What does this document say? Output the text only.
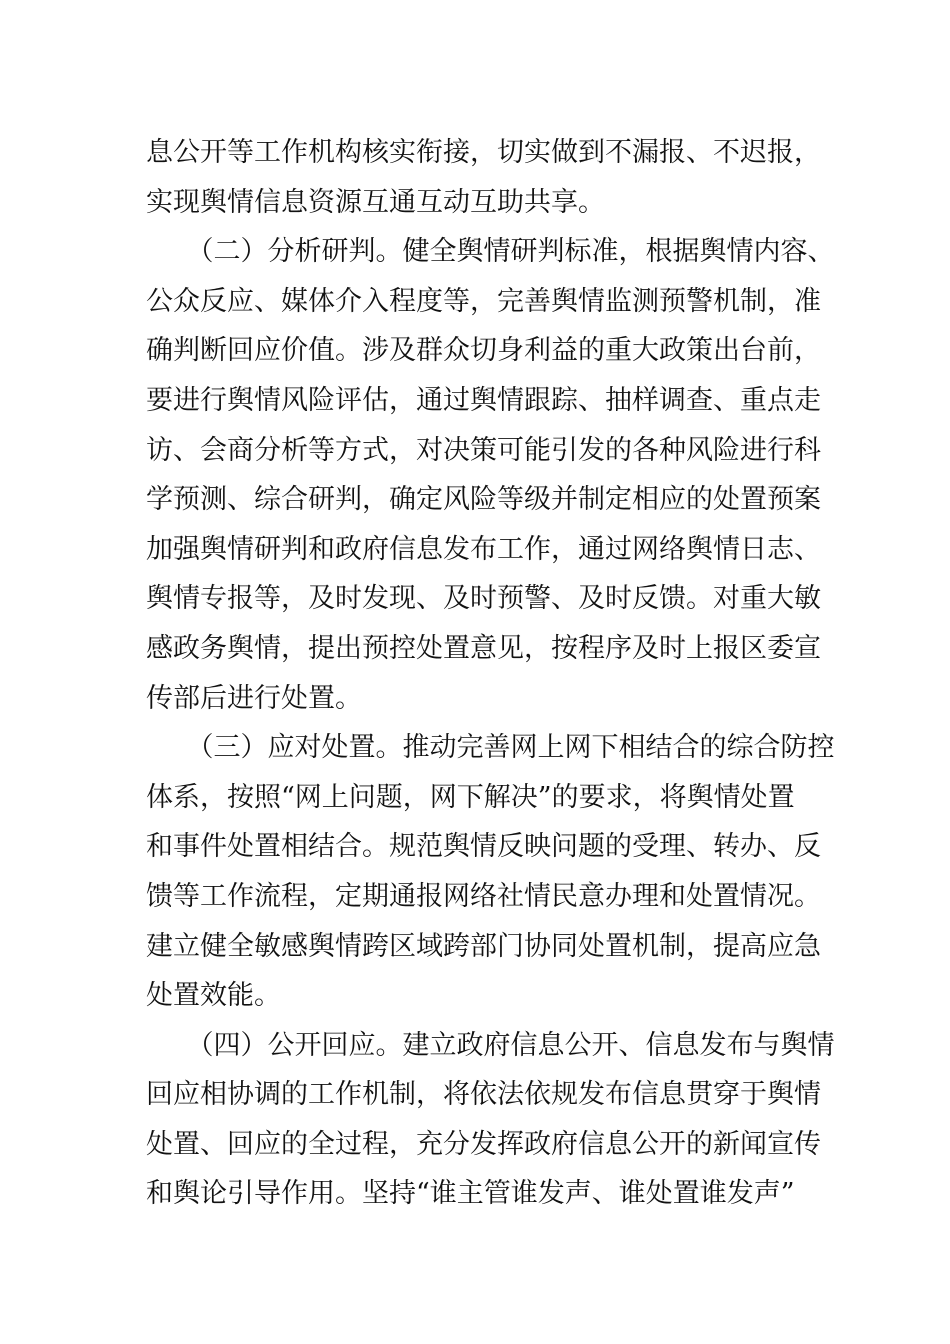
息公开等工作机构核实衔接，切实做到不漏报、不迟报，
实现舆情信息资源互通互动互助共享。
　　（二）分析研判。健全舆情研判标准，根据舆情内容、
公众反应、媒体介入程度等，完善舆情监测预警机制，准
确判断回应价值。涉及群众切身利益的重大政策出台前，
要进行舆情风险评估，通过舆情跟踪、抽样调查、重点走
访、会商分析等方式，对决策可能引发的各种风险进行科
学预测、综合研判，确定风险等级并制定相应的处置预案
加强舆情研判和政府信息发布工作，通过网络舆情日志、
舆情专报等，及时发现、及时预警、及时反馈。对重大敏
感政务舆情，提出预控处置意见，按程序及时上报区委宣
传部后进行处置。
　　（三）应对处置。推动完善网上网下相结合的综合防控
体系，按照“网上问题，网下解决”的要求，将舆情处置
和事件处置相结合。规范舆情反映问题的受理、转办、反
馈等工作流程，定期通报网络社情民意办理和处置情况。
建立健全敏感舆情跨区域跨部门协同处置机制，提高应急
处置效能。
　　（四）公开回应。建立政府信息公开、信息发布与舆情
回应相协调的工作机制，将依法依规发布信息贯穿于舆情
处置、回应的全过程，充分发挥政府信息公开的新闻宣传
和舆论引导作用。坚持“谁主管谁发声、谁处置谁发声”
